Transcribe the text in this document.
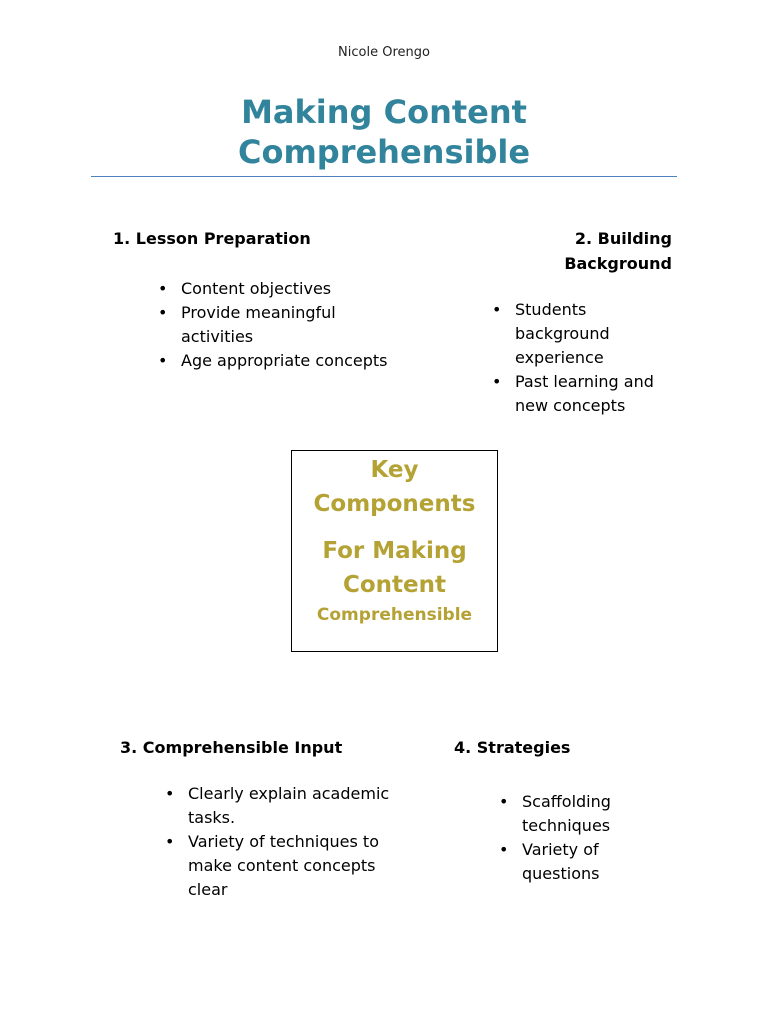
Nicole Orengo
Making Content
Comprehensible
1. Lesson Preparation
• Content objectives
• Provide meaningful
activities
• Age appropriate concepts
2. Building
Background
• Students
background
experience
• Past learning and
new concepts
Key
Components
For Making
Content
Comprehensible
3. Comprehensible Input
• Clearly explain academic
tasks.
• Variety of techniques to
make content concepts
clear
4. Strategies
• Scaffolding
techniques
• Variety of
questions
